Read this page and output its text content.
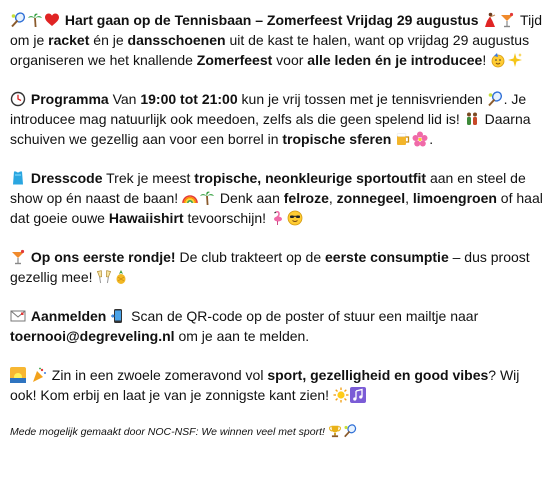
Hart gaan op de Tennisbaan – Zomerfeest Vrijdag 29 augustus	Tijd om je racket én je dansschoenen uit de kast te halen, want op vrijdag 29 augustus organiseren we het knallende Zomerfeest voor alle leden én je introducee!

Programma Van 19:00 tot 21:00 kun je vrij tossen met je tennisvrienden
. Je introducee mag natuurlijk ook meedoen, zelfs als die geen spelend lid is!
Daarna schuiven we gezellig aan voor een borrel in tropische sferen	.

Dresscode Trek je meest tropische, neonkleurige sportoutfit aan en steel de show op én naast de baan!
Denk aan felroze, zonnegeel, limoengroen of haal dat goeie ouwe Hawaiishirt tevoorschijn!

Op ons eerste rondje! De club trakteert op de eerste consumptie – dus proost gezellig mee!

Aanmelden
Scan de QR-code op de poster of stuur een mailtje naar toernooi@degreveling.nl om je aan te melden.

Zin in een zwoele zomeravond vol sport, gezelligheid en good vibes? Wij ook! Kom erbij en laat je van je zonnigste kant zien!

Mede mogelijk gemaakt door NOC-NSF: We winnen veel met sport!
